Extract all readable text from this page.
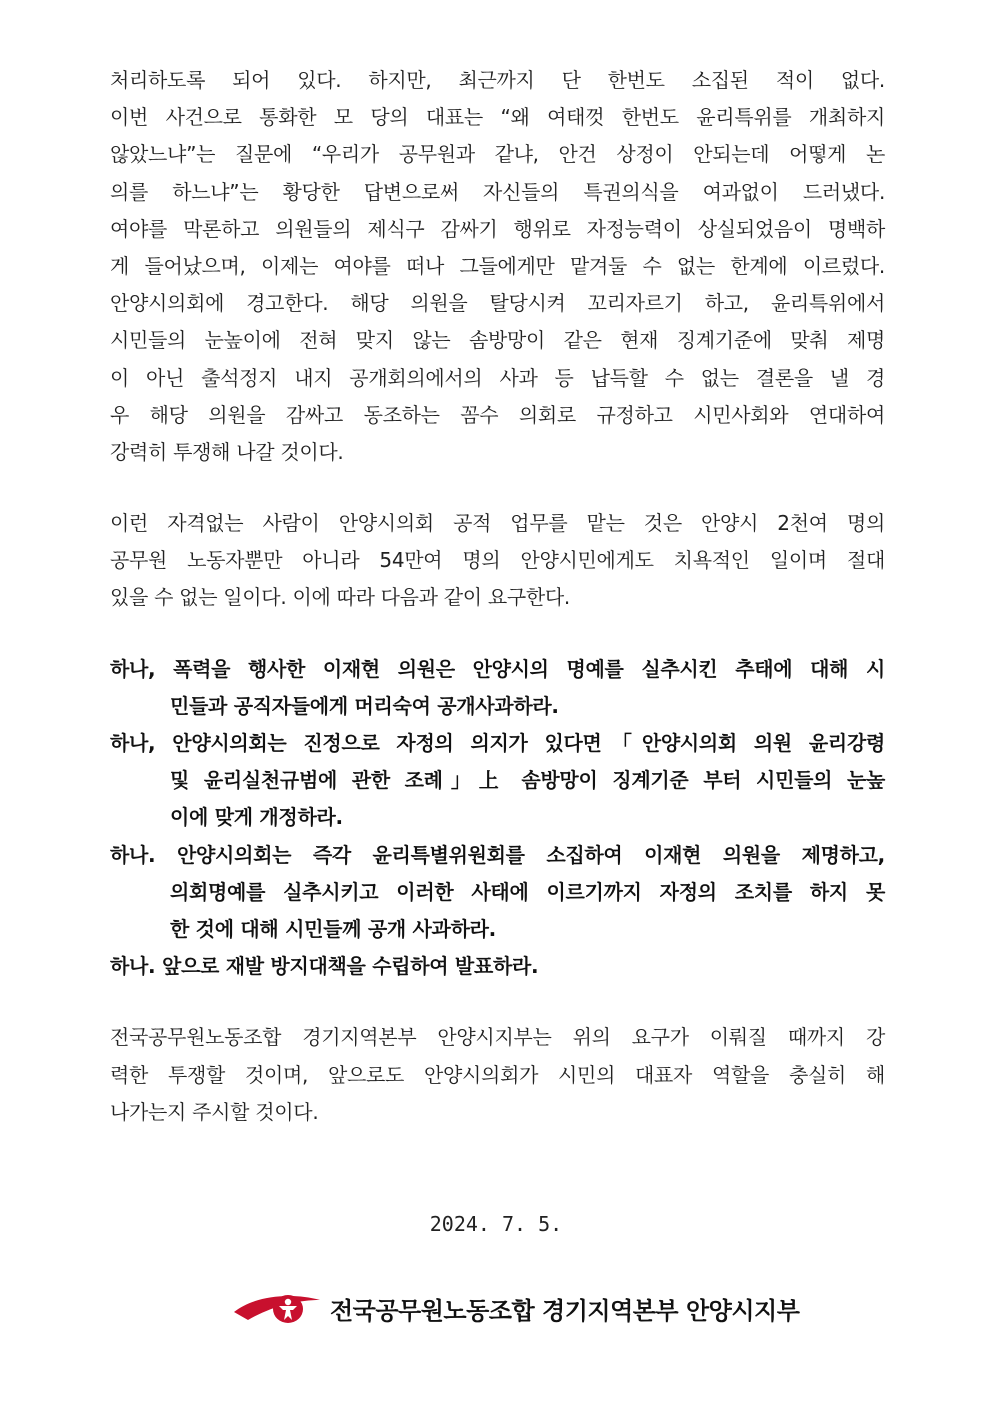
처리하도록 되어 있다. 하지만, 최근까지 단 한번도 소집된 적이 없다.
이번 사건으로 통화한 모 당의 대표는 “왜 여태껏 한번도 윤리특위를 개최하지
않았느냐”는 질문에 “우리가 공무원과 같냐, 안건 상정이 안되는데 어떻게 논
의를 하느냐”는 황당한 답변으로써 자신들의 특권의식을 여과없이 드러냈다.
여야를 막론하고 의원들의 제식구 감싸기 행위로 자정능력이 상실되었음이 명백하
게 들어났으며, 이제는 여야를 떠나 그들에게만 맡겨둘 수 없는 한계에 이르렀다.
안양시의회에 경고한다. 해당 의원을 탈당시켜 꼬리자르기 하고, 윤리특위에서
시민들의 눈높이에 전혀 맞지 않는 솜방망이 같은 현재 징계기준에 맞춰 제명
이 아닌 출석정지 내지 공개회의에서의 사과 등 납득할 수 없는 결론을 낼 경
우 해당 의원을 감싸고 동조하는 꼼수 의회로 규정하고 시민사회와 연대하여
강력히 투쟁해 나갈 것이다.
이런 자격없는 사람이 안양시의회 공적 업무를 맡는 것은 안양시 2천여 명의
공무원 노동자뿐만 아니라 54만여 명의 안양시민에게도 치욕적인 일이며 절대
있을 수 없는 일이다. 이에 따라 다음과 같이 요구한다.
하나, 폭력을 행사한 이재현 의원은 안양시의 명예를 실추시킨 추태에 대해 시
민들과 공직자들에게 머리숙여 공개사과하라.
하나, 안양시의회는 진정으로 자정의 의지가 있다면「안양시의회 의원 윤리강령
및 윤리실천규범에 관한 조례」上 솜방망이 징계기준 부터 시민들의 눈높
이에 맞게 개정하라.
하나. 안양시의회는 즉각 윤리특별위원회를 소집하여 이재현 의원을 제명하고,
의회명예를 실추시키고 이러한 사태에 이르기까지 자정의 조치를 하지 못
한 것에 대해 시민들께 공개 사과하라.
하나. 앞으로 재발 방지대책을 수립하여 발표하라.
전국공무원노동조합 경기지역본부 안양시지부는 위의 요구가 이뤄질 때까지 강
력한 투쟁할 것이며, 앞으로도 안양시의회가 시민의 대표자 역할을 충실히 해
나가는지 주시할 것이다.
2024. 7. 5.
전국공무원노동조합 경기지역본부 안양시지부
